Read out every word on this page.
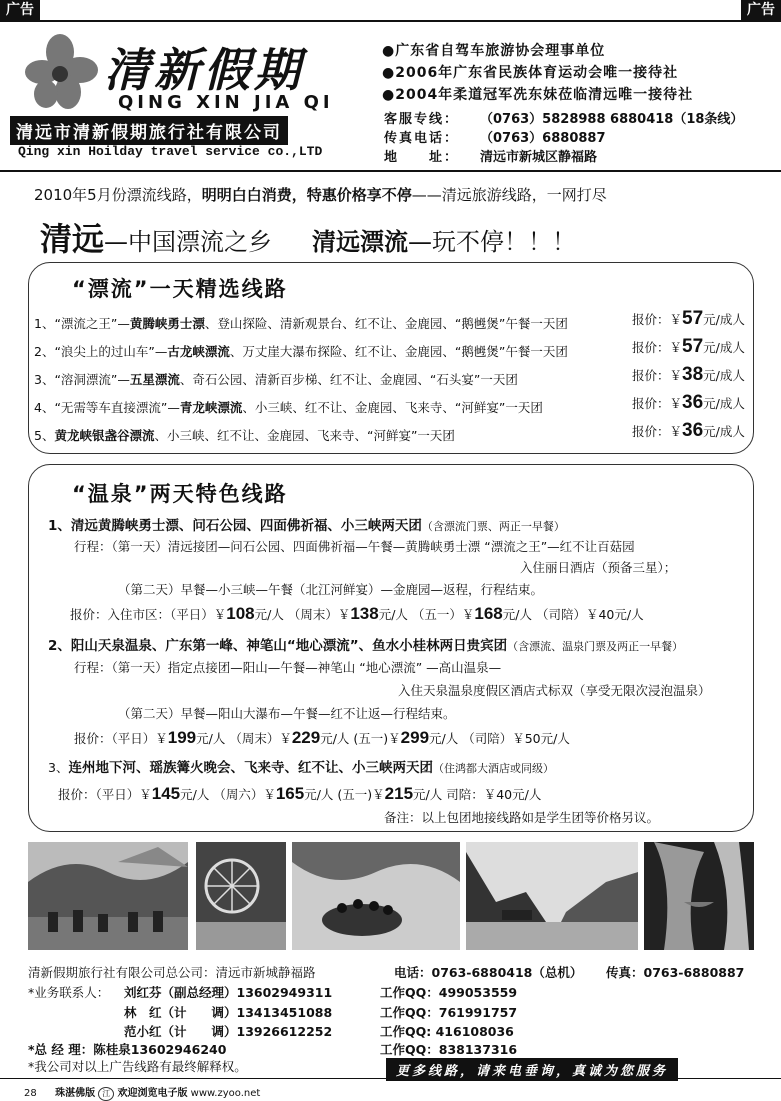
广告	广告
清新假期
QING XIN JIA QI
清远市清新假期旅行社有限公司
Qing xin Hoilday travel service co.,LTD
●广东省自驾车旅游协会理事单位
●2006年广东省民族体育运动会唯一接待社
●2004年柔道冠军冼东妹莅临清远唯一接待社
客服专线： （0763）5828988 6880418（18条线）
传真电话： （0763）6880887
地　　址： 清远市新城区静福路
2010年5月份漂流线路，明明白白消费，特惠价格享不停——清远旅游线路，一网打尽
清远—中国漂流之乡 清远漂流—玩不停！！！
“漂流”一天精选线路
1、“漂流之王”—黄腾峡勇士漂、登山探险、清新观景台、红不让、金鹿园、“鹅乸煲”午餐一天团	报价：￥57元/成人
2、“浪尖上的过山车”—古龙峡漂流、万丈崖大瀑布探险、红不让、金鹿园、“鹅乸煲”午餐一天团	报价：￥57元/成人
3、“溶洞漂流”—五星漂流、奇石公园、清新百步梯、红不让、金鹿园、“石头宴”一天团	报价：￥38元/成人
4、“无需等车直接漂流”—青龙峡漂流、小三峡、红不让、金鹿园、飞来寺、“河鲜宴”一天团	报价：￥36元/成人
5、黄龙峡银盏谷漂流、小三峡、红不让、金鹿园、飞来寺、“河鲜宴”一天团	报价：￥36元/成人
“温泉”两天特色线路
1、清远黄腾峡勇士漂、问石公园、四面佛祈福、小三峡两天团（含漂流门票、两正一早餐）
行程：（第一天）清远接团—问石公园、四面佛祈福—午餐—黄腾峡勇士漂 “漂流之王”—红不让百菇园
入住丽日酒店（预备三星）；
（第二天）早餐—小三峡—午餐（北江河鲜宴）—金鹿园—返程，行程结束。
报价：入住市区：（平日）￥108元/人 （周末）￥138元/人 （五一）￥168元/人 （司陪）￥40元/人
2、阳山天泉温泉、广东第一峰、神笔山“地心漂流”、鱼水小桂林两日贵宾团（含漂流、温泉门票及两正一早餐）
行程：（第一天）指定点接团—阳山—午餐—神笔山 “地心漂流” —高山温泉—
入住天泉温泉度假区酒店式标双（享受无限次浸泡温泉）
（第二天）早餐—阳山大瀑布—午餐—红不让返—行程结束。
报价：（平日）￥199元/人 （周末）￥229元/人 (五一)￥299元/人 （司陪）￥50元/人
3、连州地下河、瑶族篝火晚会、飞来寺、红不让、小三峡两天团（住鸿都大酒店或同级）
报价：（平日）￥145元/人 （周六）￥165元/人 (五一)￥215元/人 司陪：￥40元/人
备注：以上包团地接线路如是学生团等价格另议。
清新假期旅行社有限公司总公司：清远市新城静福路	电话：0763-6880418（总机） 传真：0763-6880887
*业务联系人： 刘红芬（副总经理）13602949311	工作QQ：499053559
林　红（计　　调）13413451088	工作QQ：761991757
范小红（计　　调）13926612252	工作QQ: 416108036
*总 经 理：陈桂泉13602946240	工作QQ：838137316
*我公司对以上广告线路有最终解释权。	更多线路，请来电垂询，真诚为您服务
28 珠湛佛版 江 欢迎浏览电子版 www.zyoo.net
